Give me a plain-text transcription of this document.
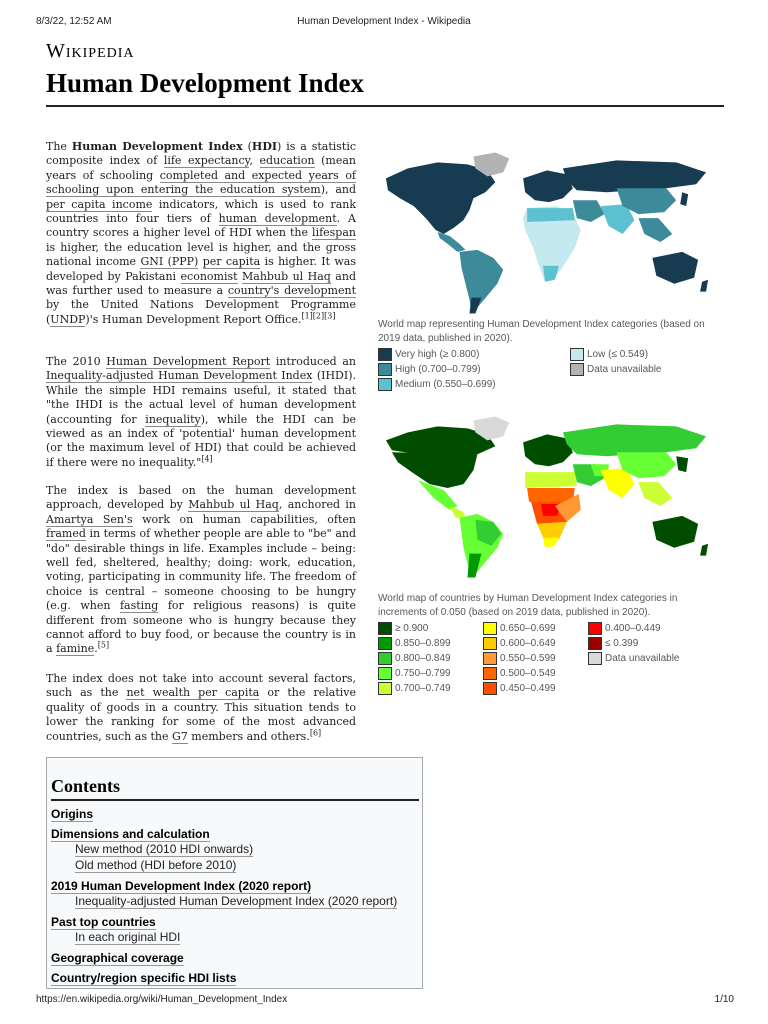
8/3/22, 12:52 AM	Human Development Index - Wikipedia
Wikipedia
Human Development Index

The Human Development Index (HDI) is a statistic composite index of life expectancy, education (mean years of schooling completed and expected years of schooling upon entering the education system), and per capita income indicators, which is used to rank countries into four tiers of human development. A country scores a higher level of HDI when the lifespan is higher, the education level is higher, and the gross national income GNI (PPP) per capita is higher. It was developed by Pakistani economist Mahbub ul Haq and was further used to measure a country's development by the United Nations Development Programme (UNDP)'s Human Development Report Office.[1][2][3]

The 2010 Human Development Report introduced an Inequality-adjusted Human Development Index (IHDI). While the simple HDI remains useful, it stated that "the IHDI is the actual level of human development (accounting for inequality), while the HDI can be viewed as an index of 'potential' human development (or the maximum level of HDI) that could be achieved if there were no inequality."[4]

The index is based on the human development approach, developed by Mahbub ul Haq, anchored in Amartya Sen's work on human capabilities, often framed in terms of whether people are able to "be" and "do" desirable things in life. Examples include – being: well fed, sheltered, healthy; doing: work, education, voting, participating in community life. The freedom of choice is central – someone choosing to be hungry (e.g. when fasting for religious reasons) is quite different from someone who is hungry because they cannot afford to buy food, or because the country is in a famine.[5]

The index does not take into account several factors, such as the net wealth per capita or the relative quality of goods in a country. This situation tends to lower the ranking for some of the most advanced countries, such as the G7 members and others.[6]

World map representing Human Development Index categories (based on 2019 data, published in 2020).
Very high (≥ 0.800)
High (0.700–0.799)
Medium (0.550–0.699)
Low (≤ 0.549)
Data unavailable
World map of countries by Human Development Index categories in increments of 0.050 (based on 2019 data, published in 2020).
≥ 0.900
0.850–0.899
0.800–0.849
0.750–0.799
0.700–0.749
0.650–0.699
0.600–0.649
0.550–0.599
0.500–0.549
0.450–0.499
0.400–0.449
≤ 0.399
Data unavailable
Contents
Origins
Dimensions and calculation
New method (2010 HDI onwards)
Old method (HDI before 2010)
2019 Human Development Index (2020 report)
Inequality-adjusted Human Development Index (2020 report)
Past top countries
In each original HDI
Geographical coverage
Country/region specific HDI lists
https://en.wikipedia.org/wiki/Human_Development_Index	1/10
